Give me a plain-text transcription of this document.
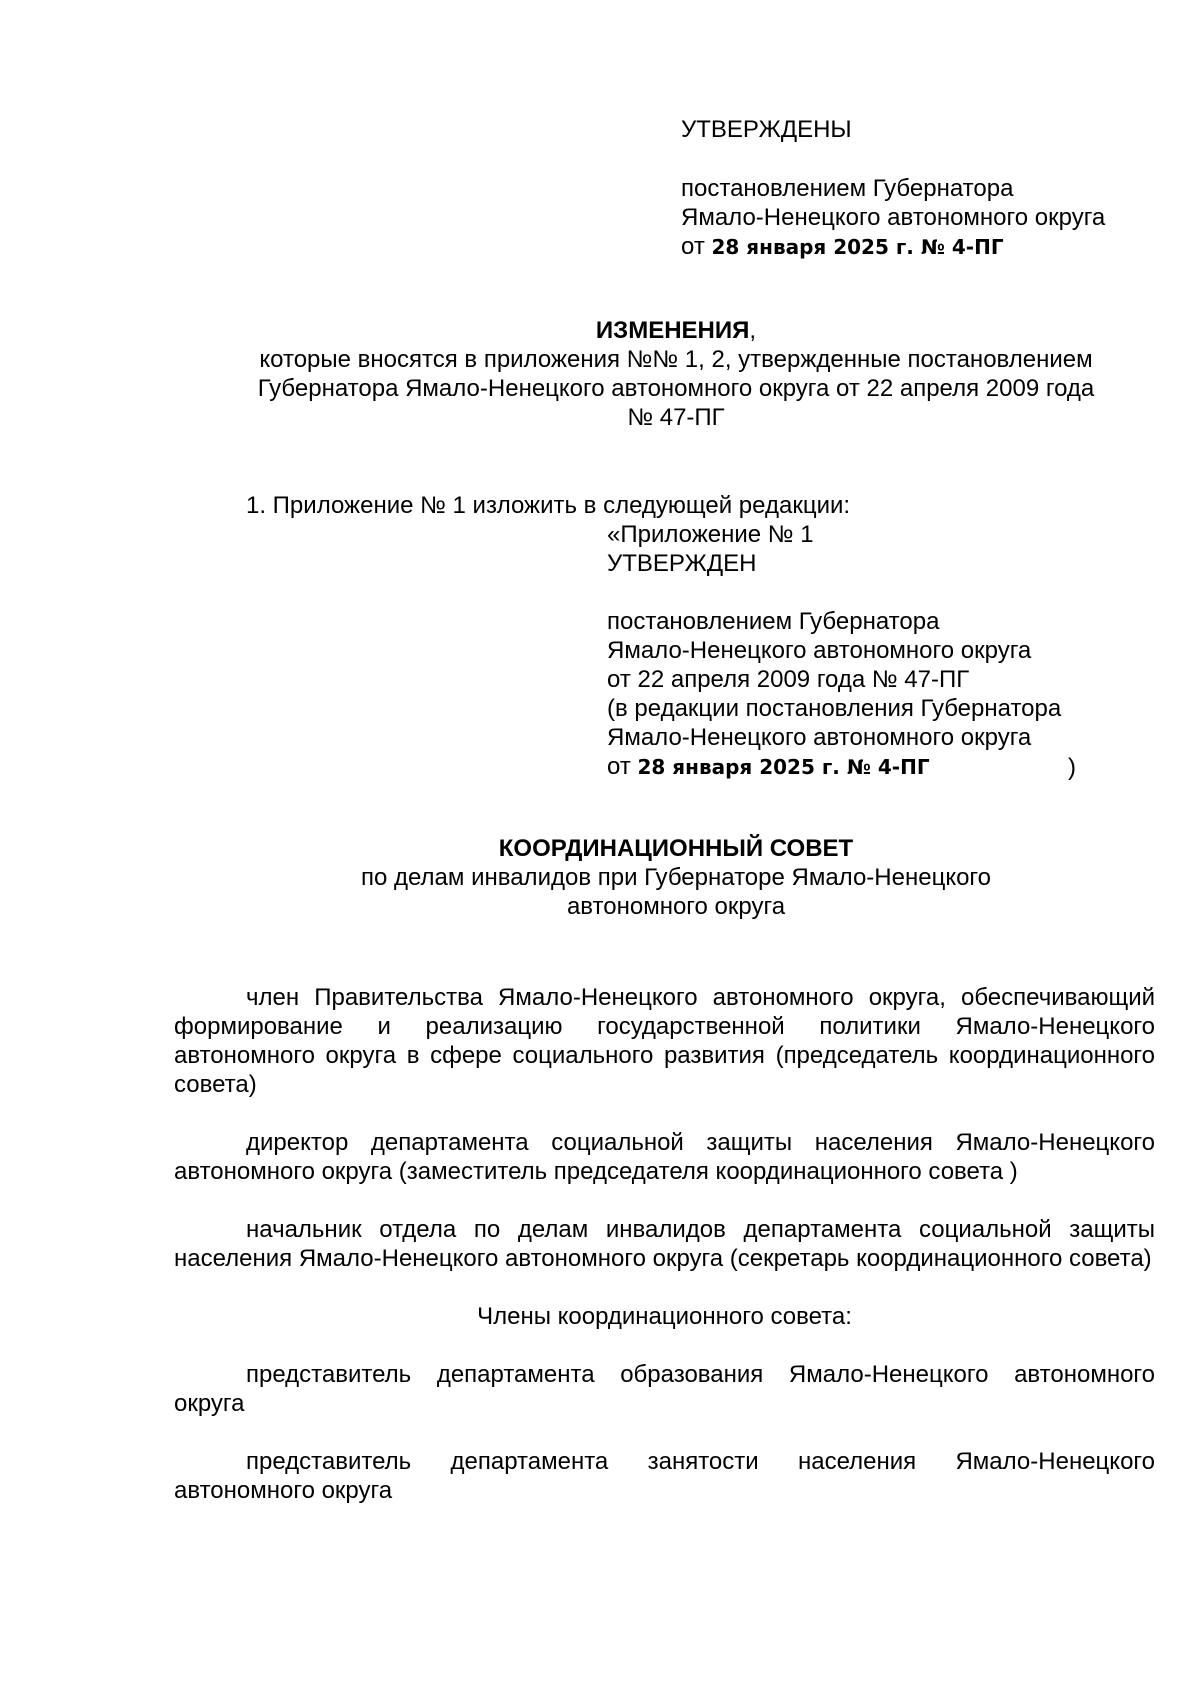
УТВЕРЖДЕНЫ

постановлением Губернатора

Ямало-Ненецкого автономного округа

от 28 января 2025 г. № 4-ПГ

ИЗМЕНЕНИЯ,

которые вносятся в приложения №№ 1, 2, утвержденные постановлением

Губернатора Ямало-Ненецкого автономного округа от 22 апреля 2009 года

№ 47-ПГ

1. Приложение № 1 изложить в следующей редакции:

«Приложение № 1

УТВЕРЖДЕН

постановлением Губернатора

Ямало-Ненецкого автономного округа

от 22 апреля 2009 года № 47-ПГ

(в редакции постановления Губернатора

Ямало-Ненецкого автономного округа

от 28 января 2025 г. № 4-ПГ	)

КООРДИНАЦИОННЫЙ СОВЕТ

по делам инвалидов при Губернаторе Ямало-Ненецкого

автономного округа

член Правительства Ямало-Ненецкого автономного округа, обеспечивающий формирование и реализацию государственной политики Ямало-Ненецкого автономного округа в сфере социального развития (председатель координационного совета)

директор департамента социальной защиты населения Ямало-Ненецкого автономного округа (заместитель председателя координационного совета )

начальник отдела по делам инвалидов департамента социальной защиты населения Ямало-Ненецкого автономного округа (секретарь координационного совета)

Члены координационного совета:

представитель департамента образования Ямало-Ненецкого автономного округа

представитель департамента занятости населения Ямало-Ненецкого автономного округа
